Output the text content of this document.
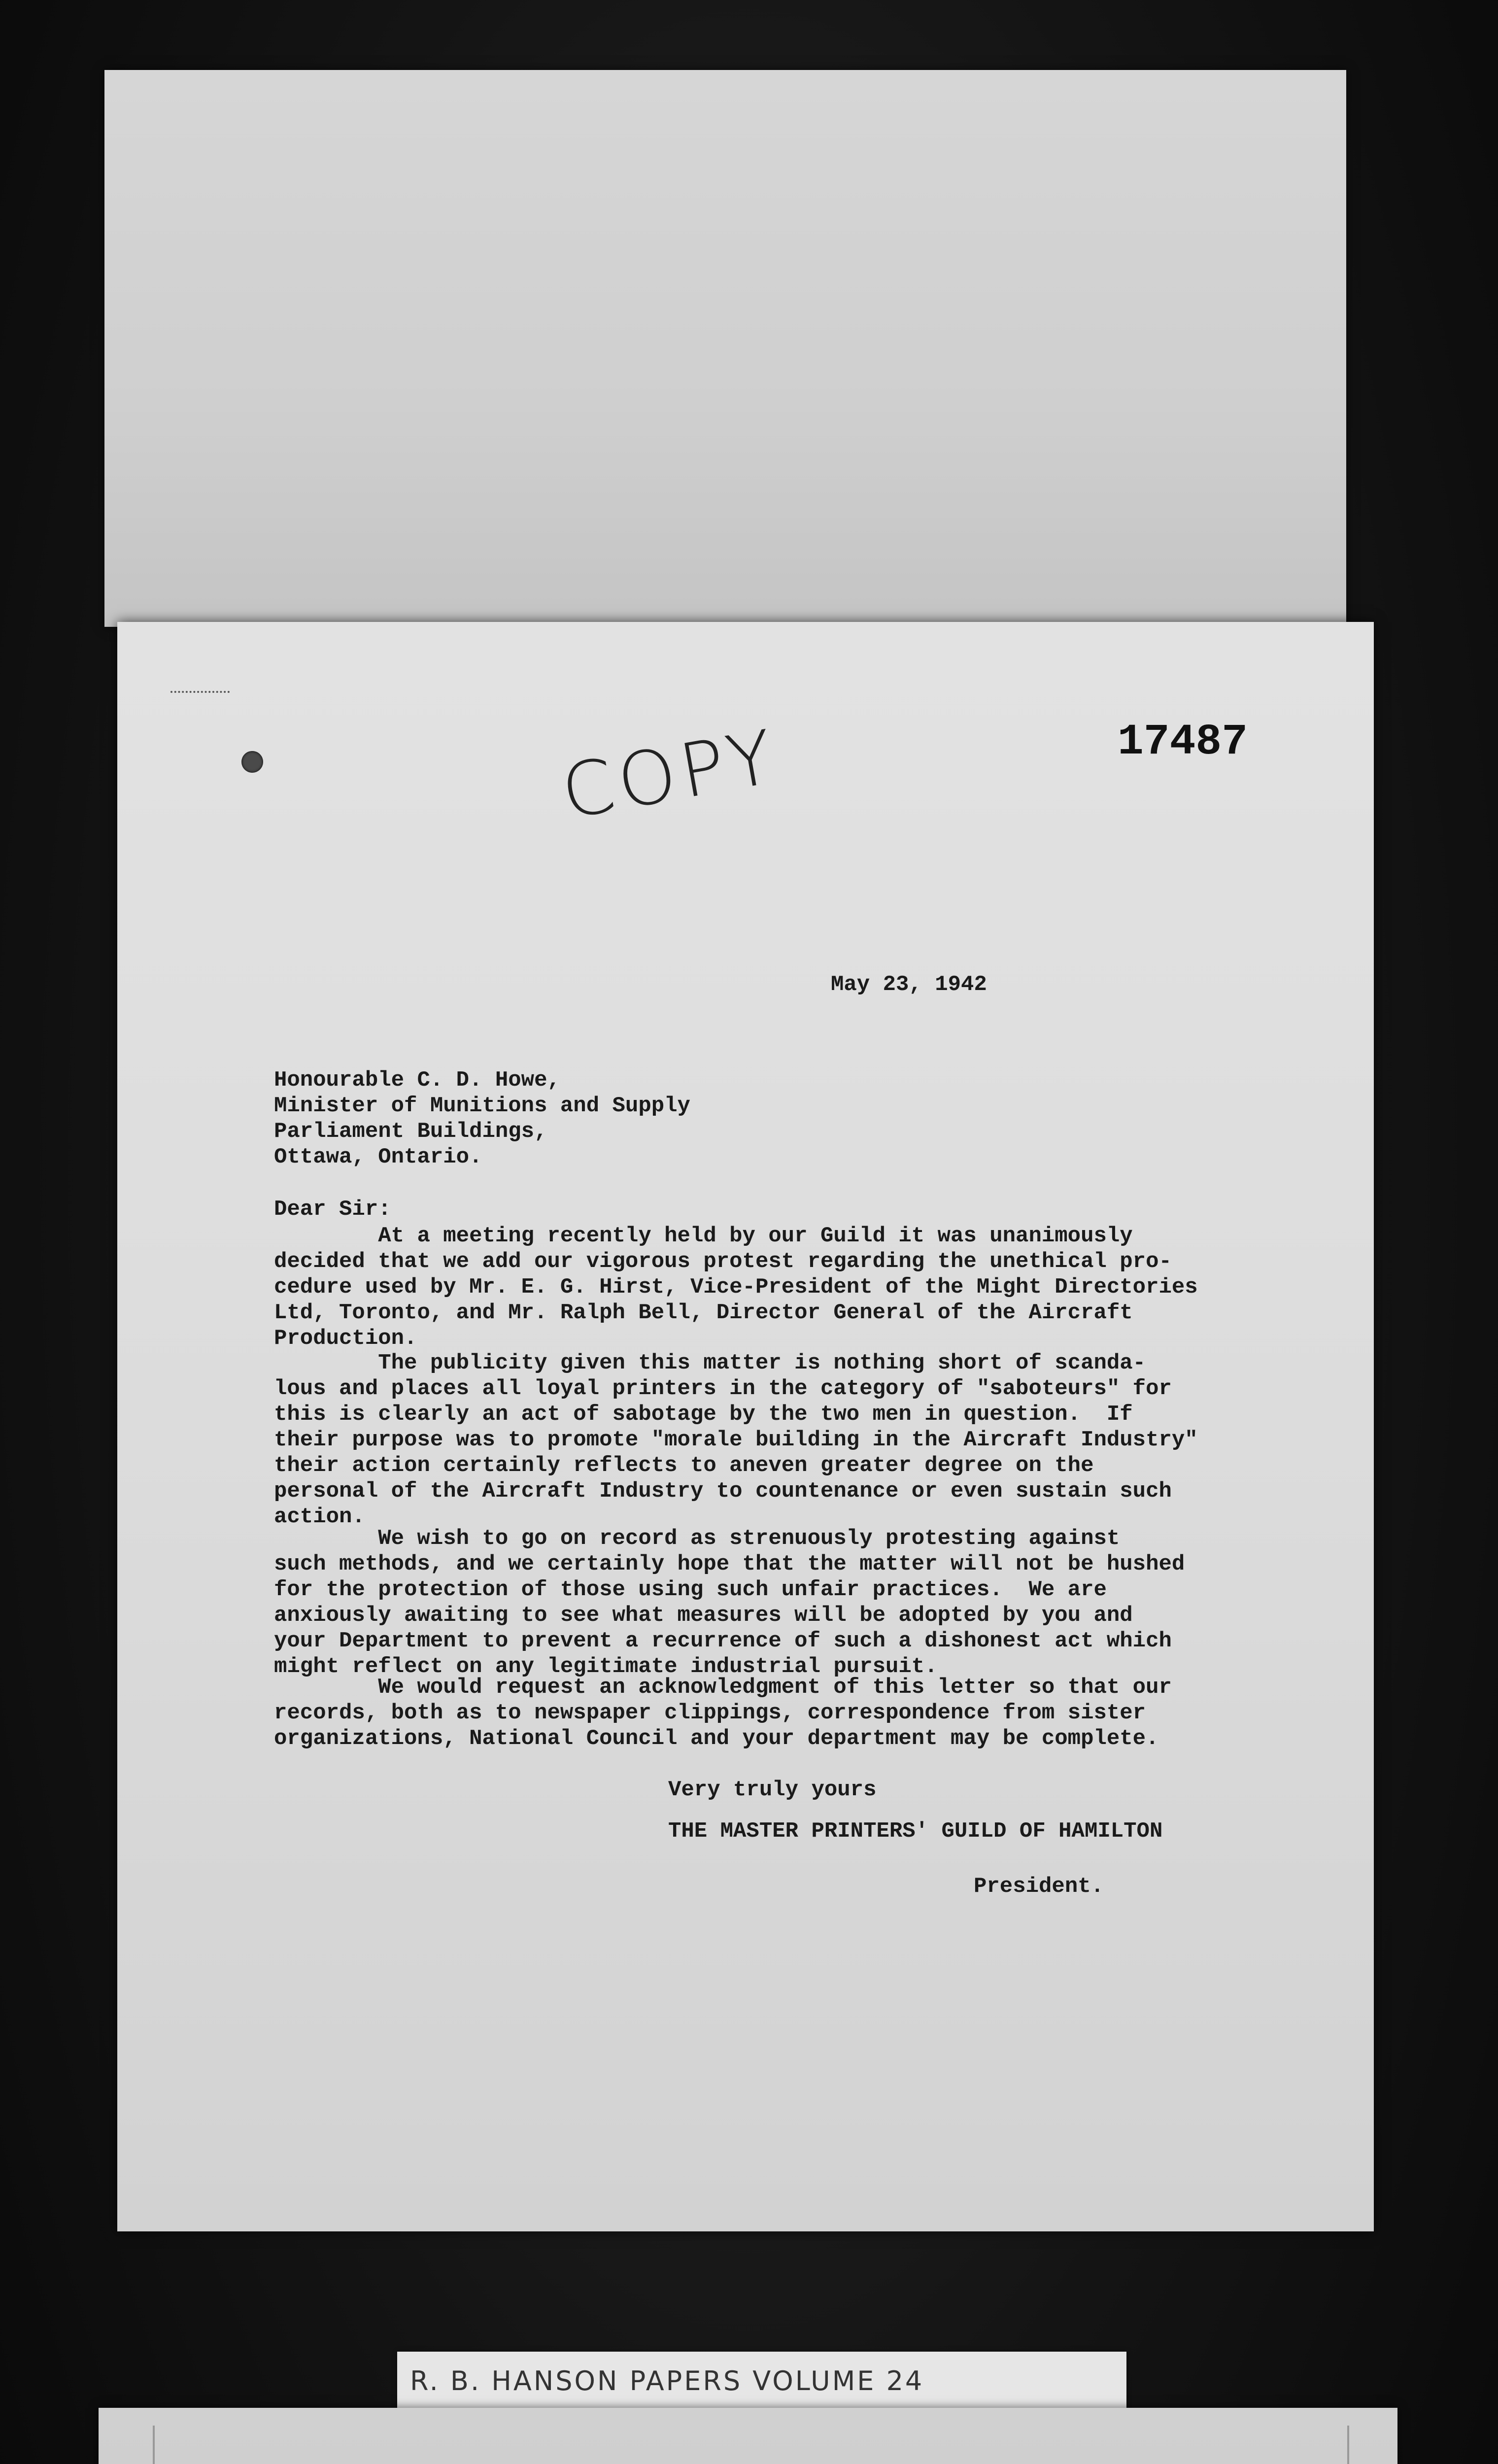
COPY	17487
May 23, 1942
Honourable C. D. Howe,
Minister of Munitions and Supply
Parliament Buildings,
Ottawa, Ontario.
Dear Sir:
At a meeting recently held by our Guild it was unanimously
decided that we add our vigorous protest regarding the unethical pro-
cedure used by Mr. E. G. Hirst, Vice-President of the Might Directories
Ltd, Toronto, and Mr. Ralph Bell, Director General of the Aircraft
Production.
The publicity given this matter is nothing short of scanda-
lous and places all loyal printers in the category of "saboteurs" for
this is clearly an act of sabotage by the two men in question.  If
their purpose was to promote "morale building in the Aircraft Industry"
their action certainly reflects to aneven greater degree on the
personal of the Aircraft Industry to countenance or even sustain such
action.
We wish to go on record as strenuously protesting against
such methods, and we certainly hope that the matter will not be hushed
for the protection of those using such unfair practices.  We are
anxiously awaiting to see what measures will be adopted by you and
your Department to prevent a recurrence of such a dishonest act which
might reflect on any legitimate industrial pursuit.
We would request an acknowledgment of this letter so that our
records, both as to newspaper clippings, correspondence from sister
organizations, National Council and your department may be complete.
Very truly yours
THE MASTER PRINTERS' GUILD OF HAMILTON
President.
R. B. HANSON PAPERS VOLUME 24
